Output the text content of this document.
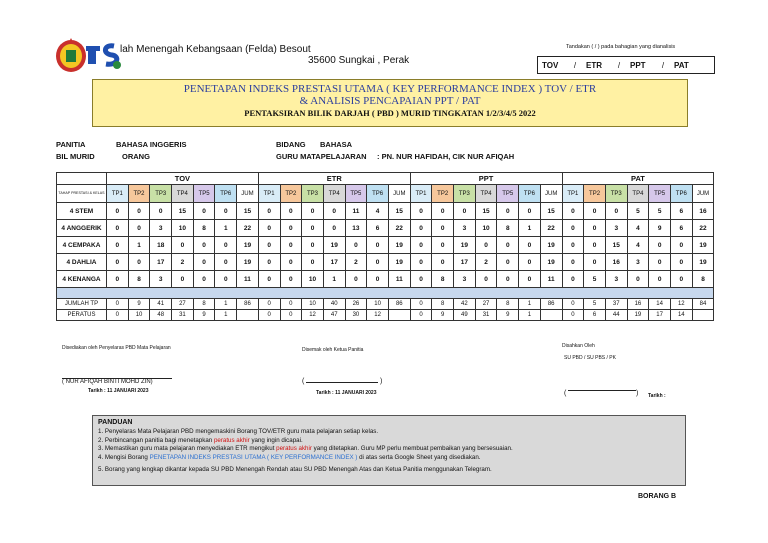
lah Menengah Kebangsaan (Felda) Besout
35600 Sungkai , Perak
Tandakan ( / ) pada bahagian yang dianalisis
TOV	/	ETR	/	PPT	/	PAT
PENETAPAN INDEKS PRESTASI UTAMA ( KEY PERFORMANCE INDEX ) TOV / ETR
& ANALISIS PENCAPAIAN PPT / PAT
PENTAKSIRAN BILIK DARJAH ( PBD ) MURID TINGKATAN 1/2/3/4/5 2022
PANITIA	BAHASA INGGERIS	BIDANG BAHASA
BIL MURID	ORANG	GURU MATAPELAJARAN : PN. NUR HAFIDAH, CIK NUR AFIQAH
	TOV							ETR							PPT							PAT						
TAHAP PRESTASI & KELAS	TP1	TP2	TP3	TP4	TP5	TP6	JUM	TP1	TP2	TP3	TP4	TP5	TP6	JUM	TP1	TP2	TP3	TP4	TP5	TP6	JUM	TP1	TP2	TP3	TP4	TP5	TP6	JUM
4 STEM	0	0	0	15	0	0	15	0	0	0	0	11	4	15	0	0	0	15	0	0	15	0	0	0	5	5	6	16
4 ANGGERIK	0	0	3	10	8	1	22	0	0	0	0	13	6	22	0	0	3	10	8	1	22	0	0	3	4	9	6	22
4 CEMPAKA	0	1	18	0	0	0	19	0	0	0	19	0	0	19	0	0	19	0	0	0	19	0	0	15	4	0	0	19
4 DAHLIA	0	0	17	2	0	0	19	0	0	0	17	2	0	19	0	0	17	2	0	0	19	0	0	16	3	0	0	19
4 KENANGA	0	8	3	0	0	0	11	0	0	10	1	0	0	11	0	8	3	0	0	0	11	0	5	3	0	0	0	8

JUMLAH TP	0	9	41	27	8	1	86	0	0	10	40	26	10	86	0	8	42	27	8	1	86	0	5	37	16	14	12	84
PERATUS	0	10	48	31	9	1		0	0	12	47	30	12		0	9	49	31	9	1		0	6	44	19	17	14	
Disediakan oleh Penyelaras PBD Mata Pelajaran	Disemak oleh Ketua Panitia
Disahkan Oleh
SU PBD / SU PBS / PK
( NUR AFIQAH BINTI MOHD ZIN)
Tarikh : 11 JANUARI 2023
(	)
Tarikh : 11 JANUARI 2023	(	) Tarikh :
PANDUAN
1. Penyelaras Mata Pelajaran PBD mengemaskini Borang TOV/ETR guru mata pelajaran setiap kelas.
2. Perbincangan panitia bagi menetapkan peratus akhir yang ingin dicapai.
3. Memastikan guru mata pelajaran menyediakan ETR mengikut peratus akhir yang ditetapkan. Guru MP perlu membuat pembaikan yang bersesuaian.
4. Mengisi Borang PENETAPAN INDEKS PRESTASI UTAMA ( KEY PERFORMANCE INDEX ) di atas serta Google Sheet yang disediakan.
5. Borang yang lengkap dikantar kepada SU PBD Menengah Rendah atau SU PBD Menengah Atas dan Ketua Panitia menggunakan Telegram.
BORANG B
